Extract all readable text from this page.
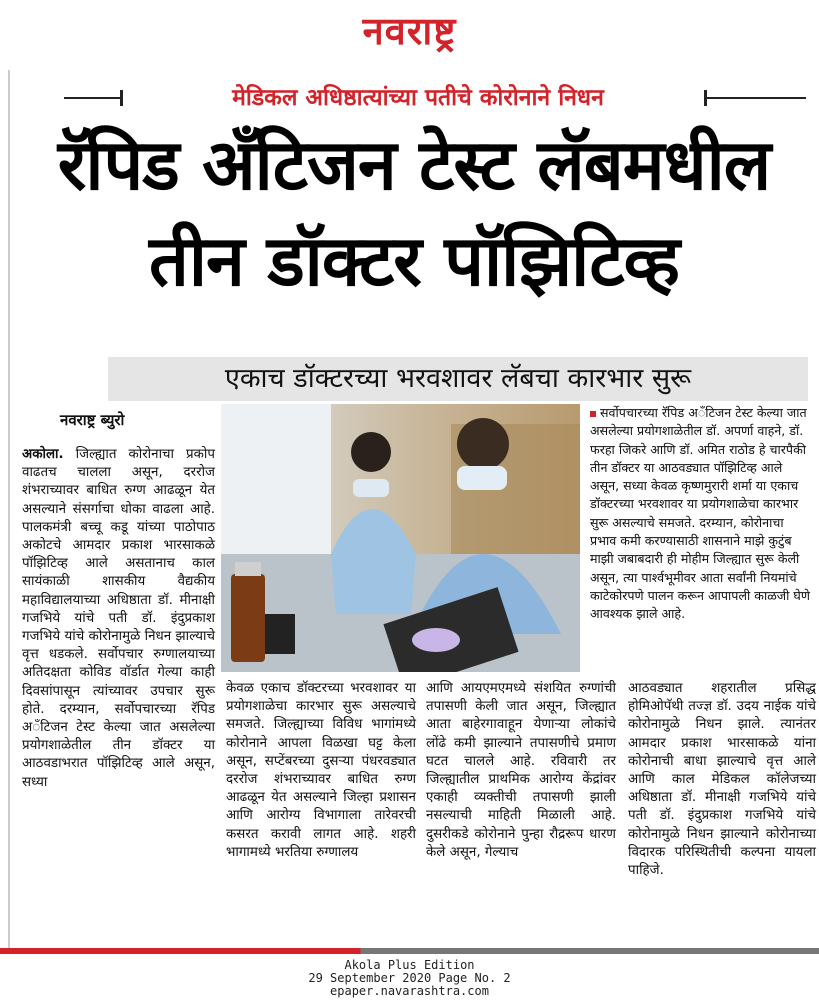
नवराष्ट्र
मेडिकल अधिष्ठात्यांच्या पतीचे कोरोनाने निधन
रॅपिड ॲंटिजन टेस्ट लॅबमधील
तीन डॉक्टर पॉझिटिव्ह
एकाच डॉक्टरच्या भरवशावर लॅबचा कारभार सुरू
नवराष्ट्र ब्युरो
अकोला. जिल्ह्यात कोरोनाचा प्रकोप वाढतच चालला असून, दररोज शंभराच्यावर बाधित रुग्ण आढळून येत असल्याने संसर्गाचा धोका वाढला आहे. पालकमंत्री बच्चू कडू यांच्या पाठोपाठ अकोटचे आमदार प्रकाश भारसाकळे पॉझिटिव्ह आले असतानाच काल सायंकाळी शासकीय वैद्यकीय महाविद्यालयाच्या अधिष्ठाता डॉ. मीनाक्षी गजभिये यांचे पती डॉ. इंदुप्रकाश गजभिये यांचे कोरोनामुळे निधन झाल्याचे वृत्त धडकले. सर्वोपचार रुग्णालयाच्या अतिदक्षता कोविड वॉर्डात गेल्या काही दिवसांपासून त्यांच्यावर उपचार सुरू होते. दरम्यान, सर्वोपचारच्या रॅपिड अॅंटिजन टेस्ट केल्या जात असलेल्या प्रयोगशाळेतील तीन डॉक्टर या आठवडाभरात पॉझिटिव्ह आले असून, सध्या
सर्वोपचारच्या रॅपिड अॅंटिजन टेस्ट केल्या जात असलेल्या प्रयोगशाळेतील डॉ. अपर्णा वाहने, डॉ. फरहा जिकरे आणि डॉ. अमित राठोड हे चारपैकी तीन डॉक्टर या आठवड्यात पॉझिटिव्ह आले असून, सध्या केवळ कृष्णमुरारी शर्मा या एकाच डॉक्टरच्या भरवशावर या प्रयोगशाळेचा कारभार सुरू असल्याचे समजते. दरम्यान, कोरोनाचा प्रभाव कमी करण्यासाठी शासनाने माझे कुटुंब माझी जबाबदारी ही मोहीम जिल्ह्यात सुरू केली असून, त्या पार्श्वभूमीवर आता सर्वांनी नियमांचे काटेकोरपणे पालन करून आपापली काळजी घेणे आवश्यक झाले आहे.
केवळ एकाच डॉक्टरच्या भरवशावर या प्रयोगशाळेचा कारभार सुरू असल्याचे समजते. जिल्ह्याच्या विविध भागांमध्ये कोरोनाने आपला विळखा घट्ट केला असून, सप्टेंबरच्या दुसऱ्या पंधरवड्यात दररोज शंभराच्यावर बाधित रुग्ण आढळून येत असल्याने जिल्हा प्रशासन आणि आरोग्य विभागाला तारेवरची कसरत करावी लागत आहे. शहरी भागामध्ये भरतिया रुग्णालय
आणि आयएमएमध्ये संशयित रुग्णांची तपासणी केली जात असून, जिल्ह्यात आता बाहेरगावाहून येणाऱ्या लोकांचे लोंढे कमी झाल्याने तपासणीचे प्रमाण घटत चालले आहे. रविवारी तर जिल्ह्यातील प्राथमिक आरोग्य केंद्रांवर एकाही व्यक्तीची तपासणी झाली नसल्याची माहिती मिळाली आहे. दुसरीकडे कोरोनाने पुन्हा रौद्ररूप धारण केले असून, गेल्याच
आठवड्यात शहरातील प्रसिद्ध होमिओपॅथी तज्ज्ञ डॉ. उदय नाईक यांचे कोरोनामुळे निधन झाले. त्यानंतर आमदार प्रकाश भारसाकळे यांना कोरोनाची बाधा झाल्याचे वृत्त आले आणि काल मेडिकल कॉलेजच्या अधिष्ठाता डॉ. मीनाक्षी गजभिये यांचे पती डॉ. इंदुप्रकाश गजभिये यांचे कोरोनामुळे निधन झाल्याने कोरोनाच्या विदारक परिस्थितीची कल्पना यायला पाहिजे.
Akola Plus Edition
29 September 2020 Page No. 2
epaper.navarashtra.com
